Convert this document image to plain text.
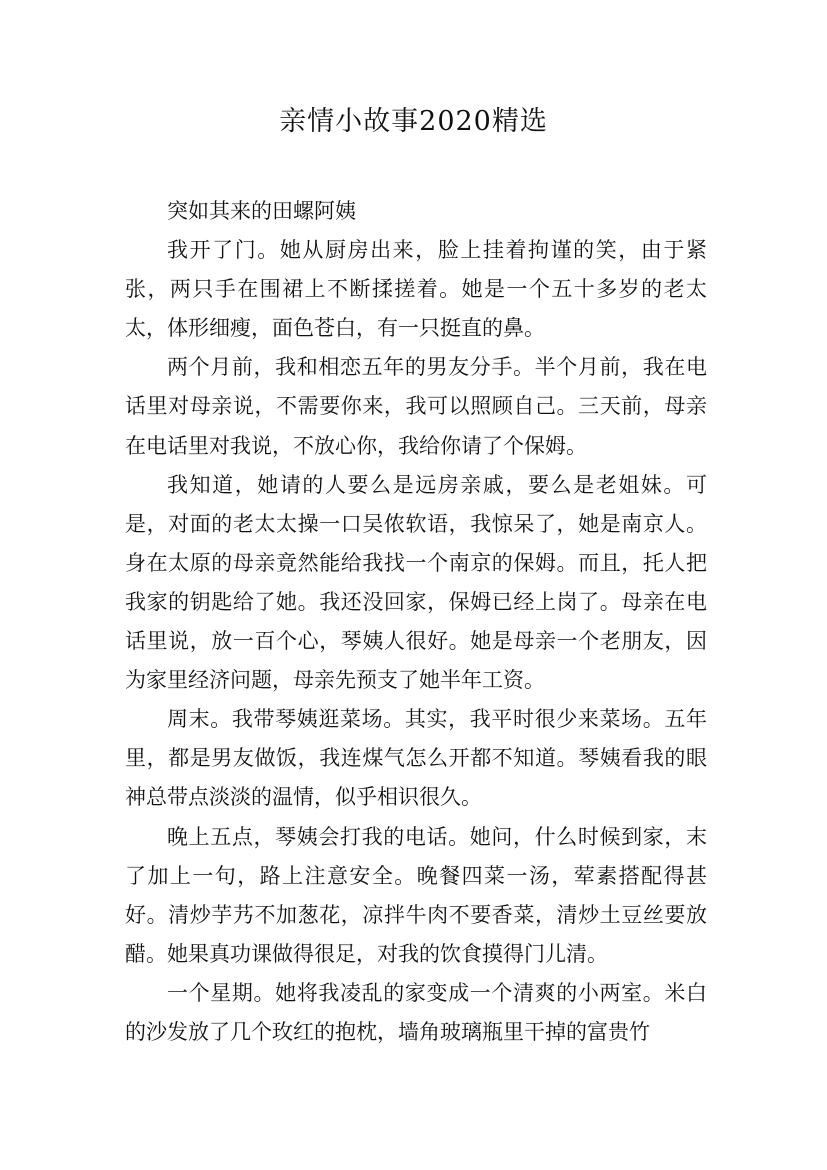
亲情小故事2020精选

突如其来的田螺阿姨

我开了门。她从厨房出来，脸上挂着拘谨的笑，由于紧张，两只手在围裙上不断揉搓着。她是一个五十多岁的老太太，体形细瘦，面色苍白，有一只挺直的鼻。

两个月前，我和相恋五年的男友分手。半个月前，我在电话里对母亲说，不需要你来，我可以照顾自己。三天前，母亲在电话里对我说，不放心你，我给你请了个保姆。

我知道，她请的人要么是远房亲戚，要么是老姐妹。可是，对面的老太太操一口吴侬软语，我惊呆了，她是南京人。身在太原的母亲竟然能给我找一个南京的保姆。而且，托人把我家的钥匙给了她。我还没回家，保姆已经上岗了。母亲在电话里说，放一百个心，琴姨人很好。她是母亲一个老朋友，因为家里经济问题，母亲先预支了她半年工资。

周末。我带琴姨逛菜场。其实，我平时很少来菜场。五年里，都是男友做饭，我连煤气怎么开都不知道。琴姨看我的眼神总带点淡淡的温情，似乎相识很久。

晚上五点，琴姨会打我的电话。她问，什么时候到家，末了加上一句，路上注意安全。晚餐四菜一汤，荤素搭配得甚好。清炒芋艿不加葱花，凉拌牛肉不要香菜，清炒土豆丝要放醋。她果真功课做得很足，对我的饮食摸得门儿清。

一个星期。她将我凌乱的家变成一个清爽的小两室。米白的沙发放了几个玫红的抱枕，墙角玻璃瓶里干掉的富贵竹
